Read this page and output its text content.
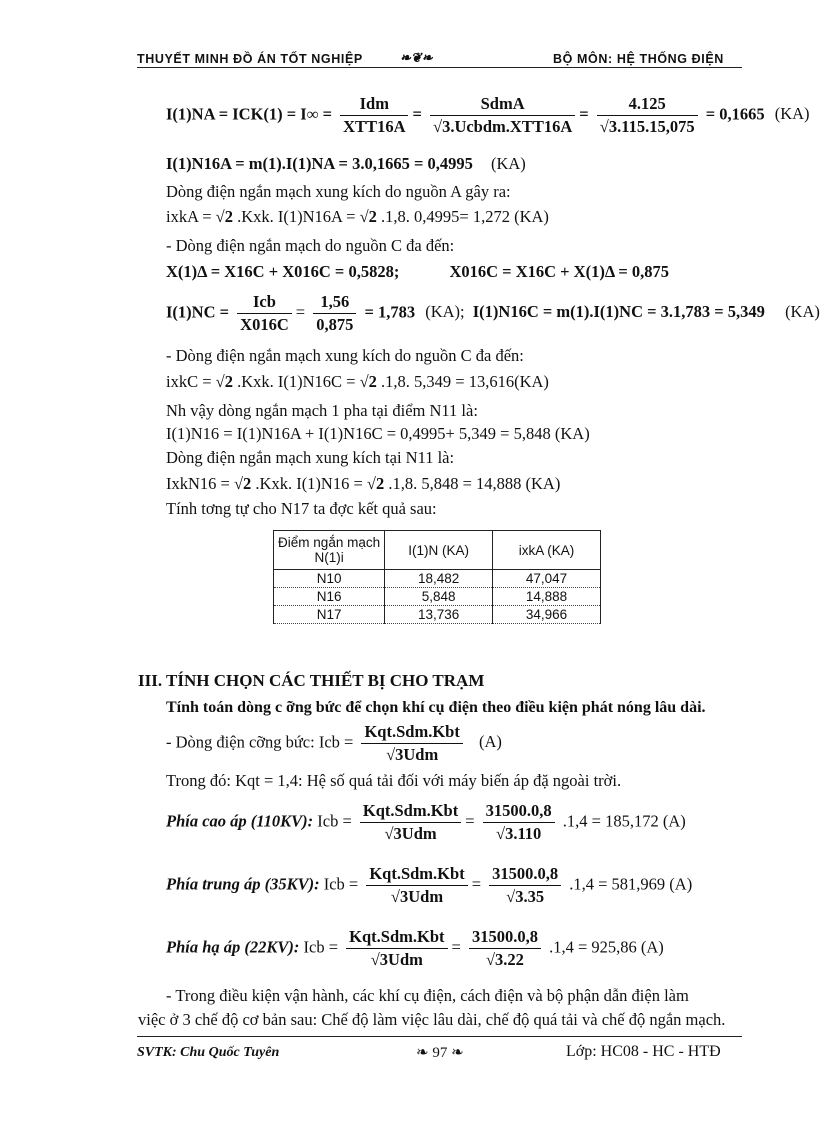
THUYẾT MINH ĐỒ ÁN TỐT NGHIỆP	❧❦❧	BỘ MÔN: HỆ THỐNG ĐIỆN
$I(1)NA = ICK(1) = I\infty = \frac{\text{Idm}}{\text{XTT16A}} = \frac{\text{SdmA}}{\text{√3.Ucbdm.XTT16A}} = \frac{4.125}{√3.115.15,075} = 0,1665$ (KA)
I(1)N16A = m(1).I(1)NA = 3.0,1665 = 0,4995 (KA)
Dòng điện ngắn mạch xung kích do nguồn A gây ra:
ixkA = √2 .Kxk. I(1)N16A = √2 .1,8. 0,4995= 1,272 (KA)
- Dòng điện ngắn mạch do nguồn C đa đến:
X(1)Δ = X16C + X016C = 0,5828;	X016C = X16C + X(1)Δ = 0,875
$I(1)NC = \frac{\text{Icb}}{X016C} = \frac{1,56}{0,875} = 1,783$ (KA); I(1)N16C = m(1).I(1)NC = 3.1,783 = 5,349 (KA)
- Dòng điện ngắn mạch xung kích do nguồn C đa đến:
ixkC = √2 .Kxk. I(1)N16C = √2 .1,8. 5,349 = 13,616(KA)
Nh vậy dòng ngắn mạch 1 pha tại điểm N11 là:
I(1)N16 = I(1)N16A + I(1)N16C = 0,4995+ 5,349 = 5,848 (KA)
Dòng điện ngắn mạch xung kích tại N11 là:
IxkN16 = √2 .Kxk. I(1)N16 = √2 .1,8. 5,848 = 14,888 (KA)
Tính tơng tự cho N17 ta đợc kết quả sau:
Điểm ngắn mạch N(1)i	I(1)N (KA)	ixkA (KA)
N10	18,482	47,047
N16	5,848	14,888
N17	13,736	34,966
III. TÍNH CHỌN CÁC THIẾT BỊ CHO TRẠM
Tính toán dòng c ỡng bức để chọn khí cụ điện theo điều kiện phát nóng lâu dài.
- Dòng điện cỡng bức: Icb = $\frac{\text{Kqt.Sdm.Kbt}}{\text{√3Udm}} (A)$
Trong đó: Kqt = 1,4: Hệ số quá tải đối với máy biến áp đặ ngoài trời.
Phía cao áp (110KV): Icb = $\frac{\text{Kqt.Sdm.Kbt}}{\text{√3Udm}} = \frac{31500.0,8}{√3.110} .1,4 = 185,172$ (A)
Phía trung áp (35KV): Icb = $\frac{\text{Kqt.Sdm.Kbt}}{\text{√3Udm}} = \frac{31500.0,8}{√3.35} .1,4 = 581,969$ (A)
Phía hạ áp (22KV): Icb = $\frac{\text{Kqt.Sdm.Kbt}}{\text{√3Udm}} = \frac{31500.0,8}{√3.22} .1,4 = 925,86$ (A)
- Trong điều kiện vận hành, các khí cụ điện, cách điện và bộ phận dẫn điện làm
việc ở 3 chế độ cơ bản sau: Chế độ làm việc lâu dài, chế độ quá tải và chế độ ngắn mạch.
SVTK: Chu Quốc Tuyên	❧ 97 ❧	Lớp: HC08 - HC - HTĐ
